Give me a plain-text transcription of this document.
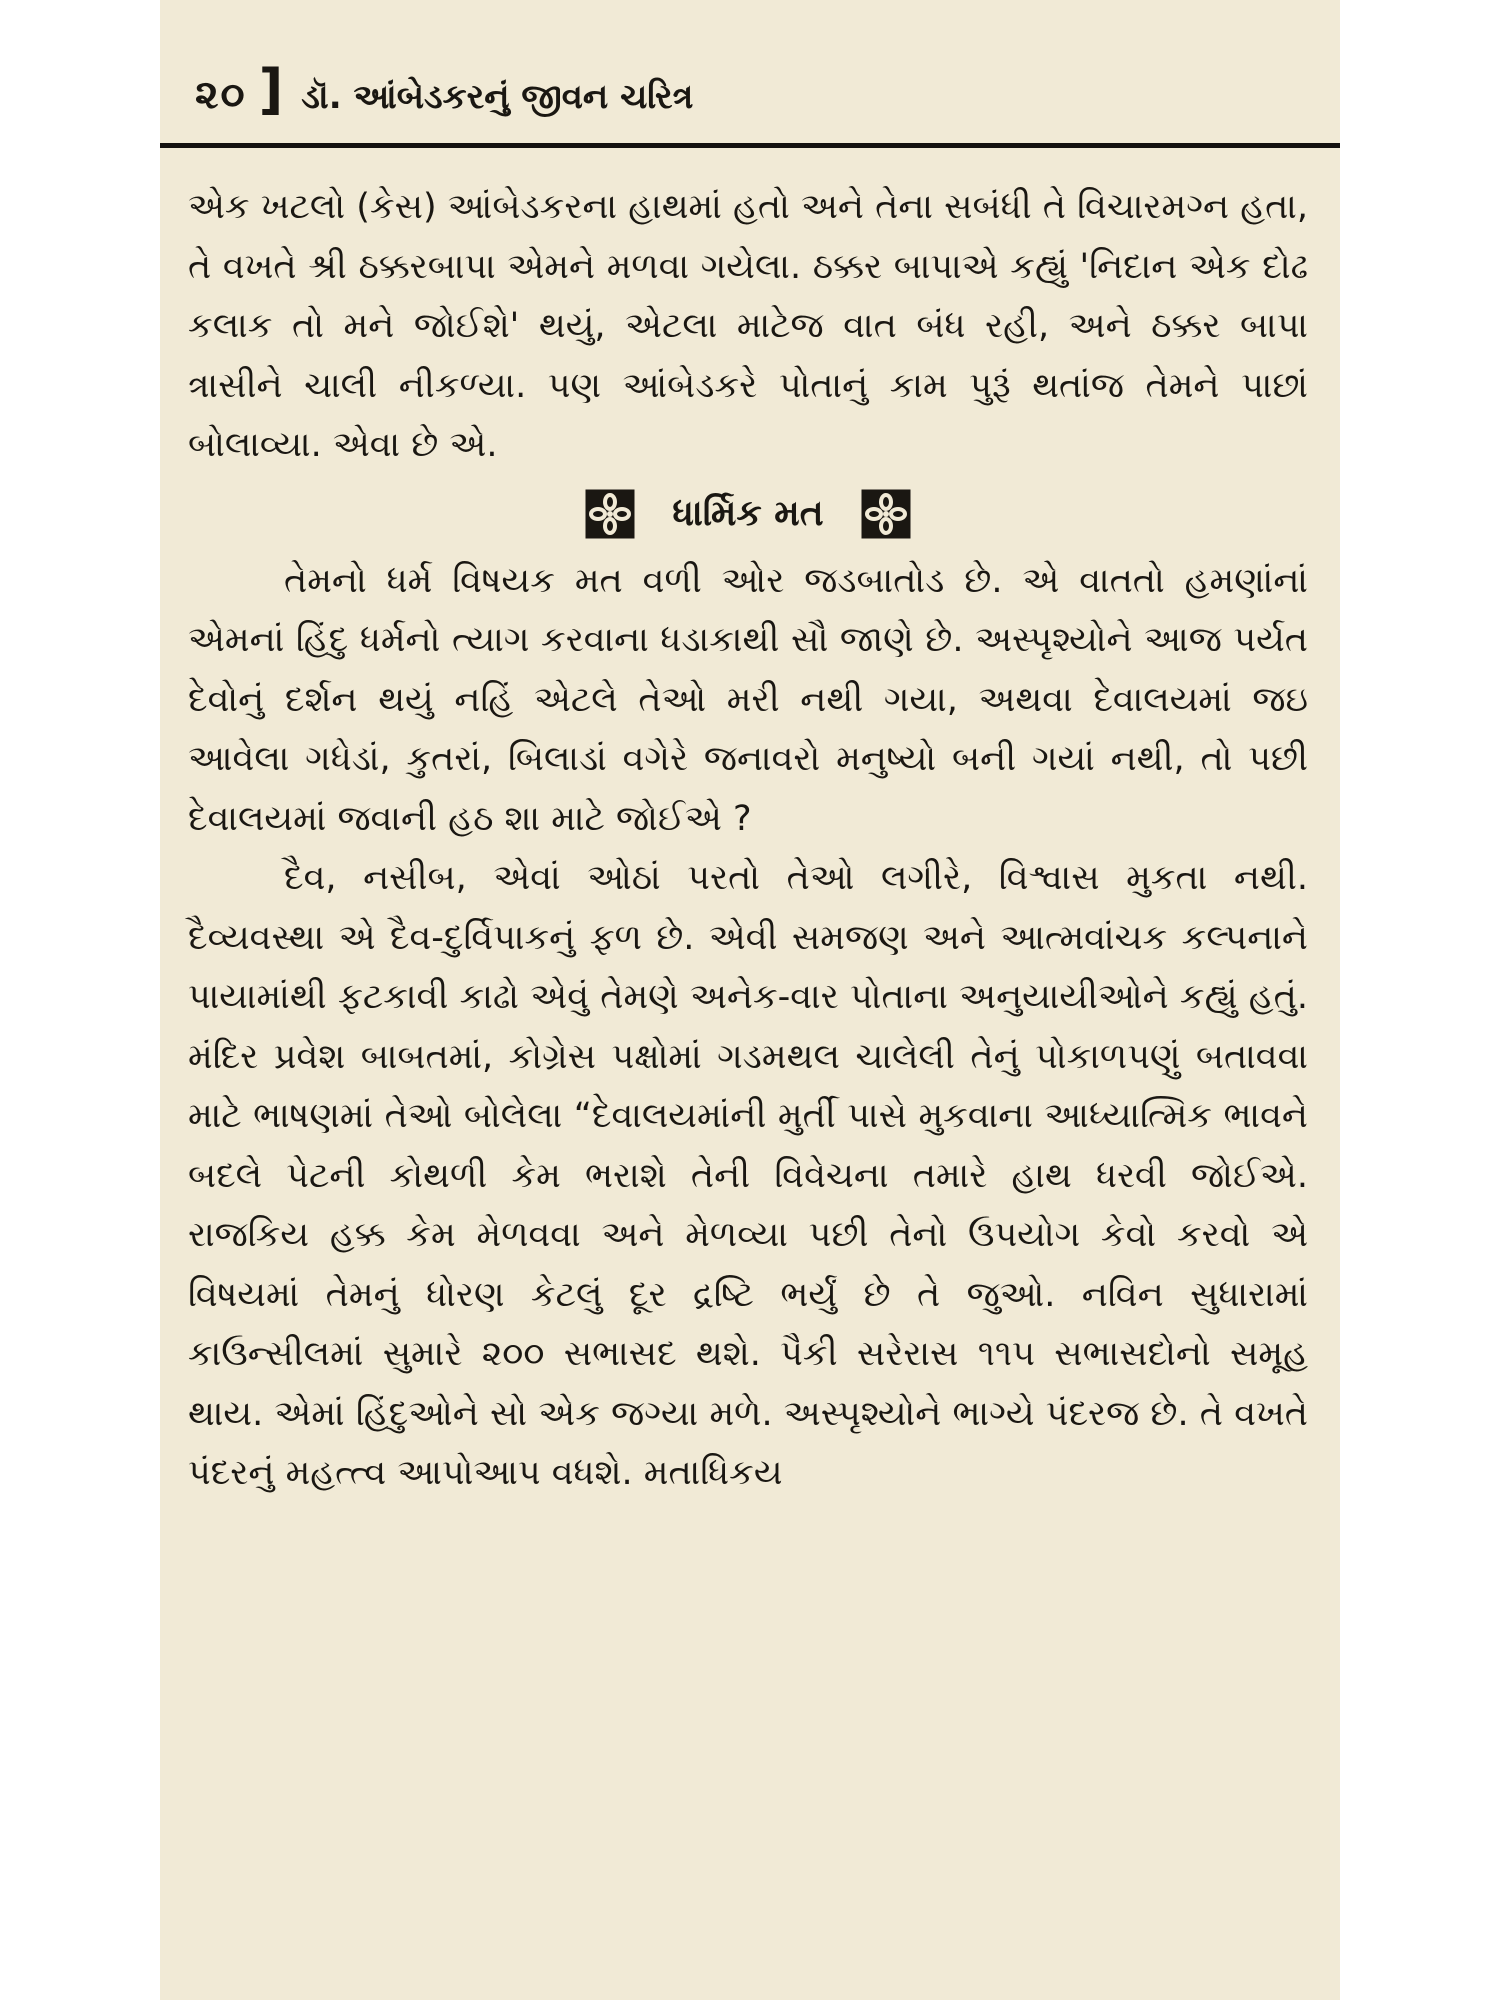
૨૦ ] ડૉ. આંબેડકરનું જીવન ચરિત્ર

એક ખટલો (કેસ) આંબેડકરના હાથમાં હતો અને તેના સબંધી તે વિચારમગ્ન હતા, તે વખતે શ્રી ઠક્કરબાપા એમને મળવા ગયેલા. ઠક્કર બાપાએ કહ્યું 'નિદાન એક દોઢ કલાક તો મને જોઈશે' થયું, એટલા માટેજ વાત બંધ રહી, અને ઠક્કર બાપા ત્રાસીને ચાલી નીકળ્યા. પણ આંબેડકરે પોતાનું કામ પુરૂં થતાંજ તેમને પાછાં બોલાવ્યા. એવા છે એ.

ધાર્મિક મત

તેમનો ધર્મ વિષયક મત વળી ઓર જડબાતોડ છે. એ વાતતો હમણાંનાં એમનાં હિંદુ ધર્મનો ત્યાગ કરવાના ધડાકાથી સૌ જાણે છે. અસ્પૃશ્યોને આજ પર્યત દેવોનું દર્શન થયું નહિં એટલે તેઓ મરી નથી ગયા, અથવા દેવાલયમાં જઇ આવેલા ગધેડાં, કુતરાં, બિલાડાં વગેરે જનાવરો મનુષ્યો બની ગયાં નથી, તો પછી દેવાલયમાં જવાની હઠ શા માટે જોઈએ ?

દૈવ, નસીબ, એવાં ઓઠાં પરતો તેઓ લગીરે, વિશ્વાસ મુકતા નથી. દૈવ્યવસ્થા એ દૈવ-દુર્વિપાકનું ફળ છે. એવી સમજણ અને આત્મવાંચક કલ્પનાને પાયામાંથી ફટકાવી કાઢો એવું તેમણે અનેક-વાર પોતાના અનુયાયીઓને કહ્યું હતું. મંદિર પ્રવેશ બાબતમાં, કોગ્રેસ પક્ષોમાં ગડમથલ ચાલેલી તેનું પોકાળપણું બતાવવા માટે ભાષણમાં તેઓ બોલેલા “દેવાલયમાંની મુર્તી પાસે મુકવાના આધ્યાત્મિક ભાવને બદલે પેટની કોથળી કેમ ભરાશે તેની વિવેચના તમારે હાથ ધરવી જોઈએ. રાજકિય હક્ક કેમ મેળવવા અને મેળવ્યા પછી તેનો ઉપયોગ કેવો કરવો એ વિષયમાં તેમનું ધોરણ કેટલું દૂર દ્રષ્ટિ ભર્યું છે તે જુઓ. નવિન સુધારામાં કાઉન્સીલમાં સુમારે ૨૦૦ સભાસદ થશે. પૈકી સરેરાસ ૧૧૫ સભાસદોનો સમૂહ થાય. એમાં હિંદુઓને સો એક જગ્યા મળે. અસ્પૃશ્યોને ભાગ્યે પંદરજ છે. તે વખતે પંદરનું મહત્ત્વ આપોઆપ વધશે. મતાધિકય
